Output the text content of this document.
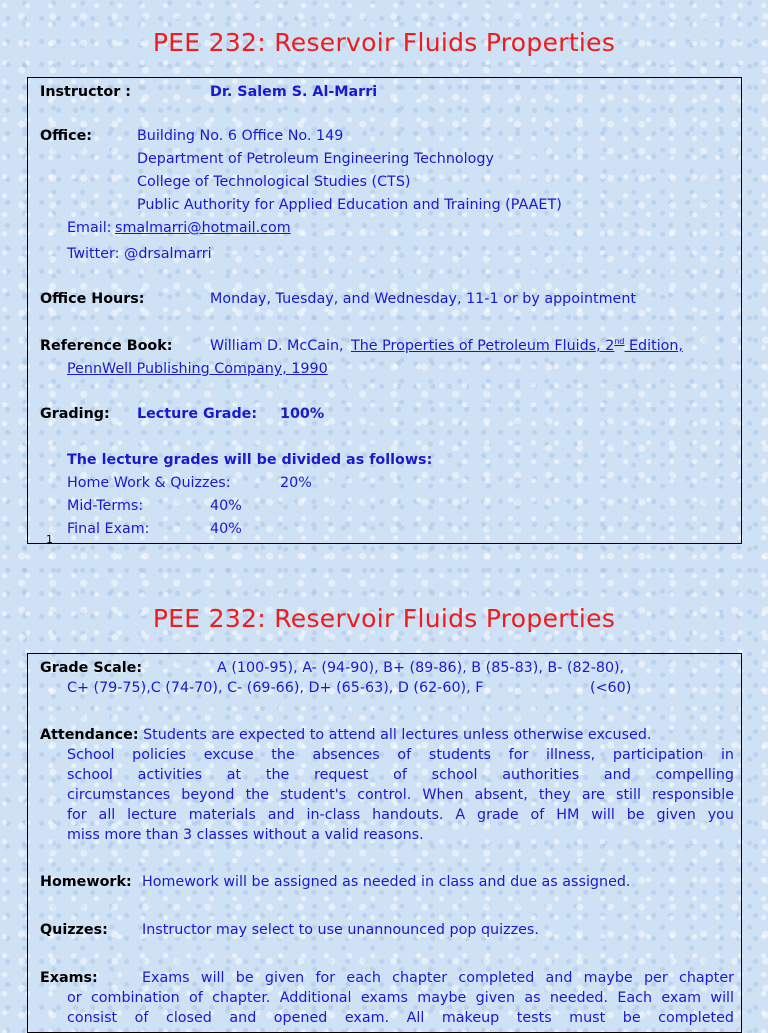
PEE 232: Reservoir Fluids Properties
Instructor :	Dr. Salem S. Al-Marri
Office:	Building No. 6 Office No. 149
Department of Petroleum Engineering Technology
College of Technological Studies (CTS)
Public Authority for Applied Education and Training (PAAET)
Email: smalmarri@hotmail.com
Twitter: @drsalmarri
Office Hours:	Monday, Tuesday, and Wednesday, 11-1 or by appointment
Reference Book:	William D. McCain, The Properties of Petroleum Fluids, 2nd Edition,
PennWell Publishing Company, 1990
Grading: Lecture Grade: 100%
The lecture grades will be divided as follows:
Home Work & Quizzes:	20%
Mid-Terms:	40%
Final Exam:	40%
1
PEE 232: Reservoir Fluids Properties
Grade Scale:	A (100-95), A- (94-90), B+ (89-86), B (85-83), B- (82-80),
C+ (79-75),C (74-70), C- (69-66), D+ (65-63), D (62-60), F	(<60)
Attendance: Students are expected to attend all lectures unless otherwise excused.
School policies excuse the absences of students for illness, participation in
school activities at the request of school authorities and compelling
circumstances beyond the student's control. When absent, they are still responsible
for all lecture materials and in-class handouts. A grade of HM will be given you
miss more than 3 classes without a valid reasons.
Homework: Homework will be assigned as needed in class and due as assigned.
Quizzes: Instructor may select to use unannounced pop quizzes.
Exams:	Exams will be given for each chapter completed and maybe per chapter
or combination of chapter. Additional exams maybe given as needed. Each exam will
consist of closed and opened exam. All makeup tests must be completed
